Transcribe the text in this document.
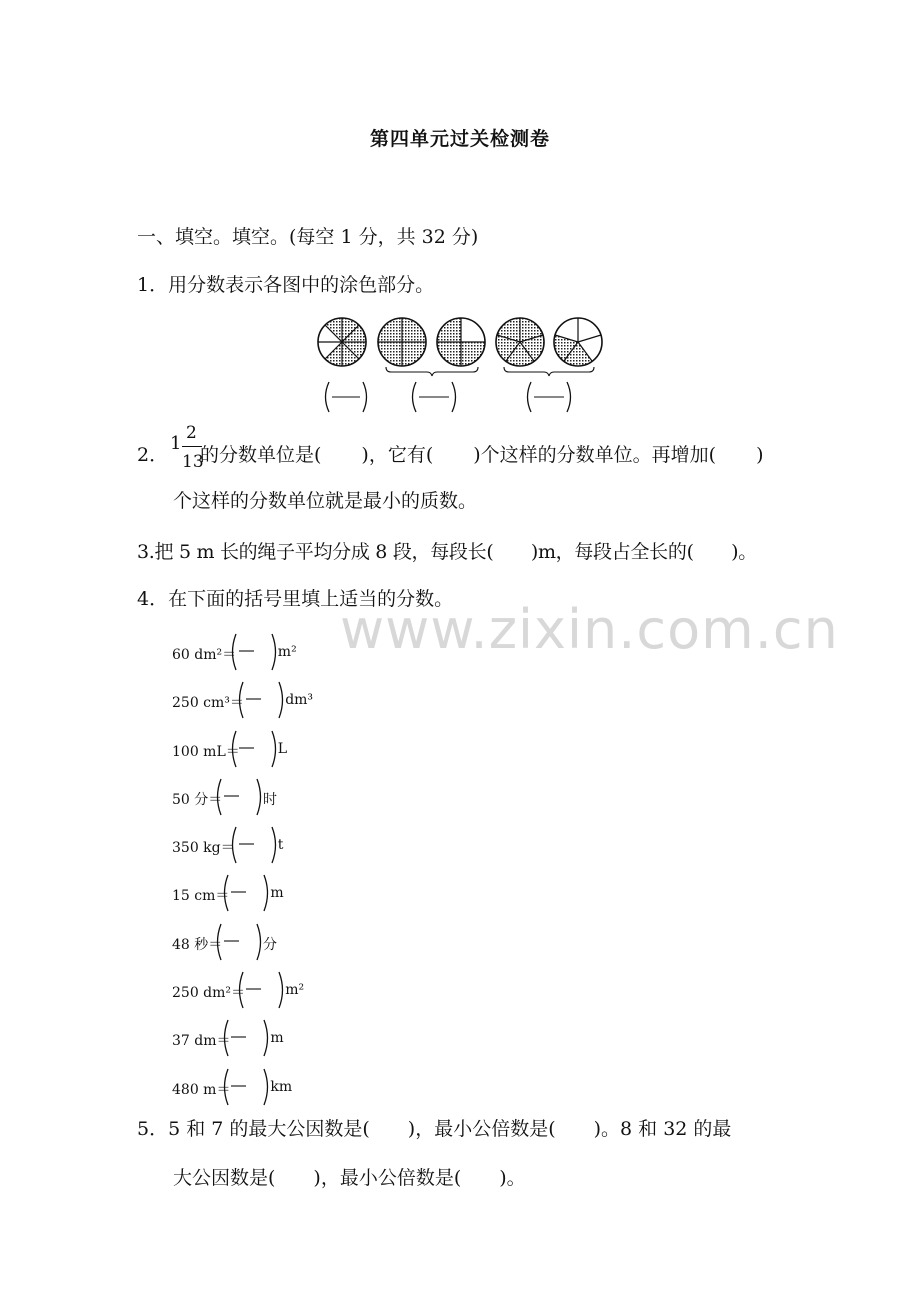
第四单元过关检测卷
一、填空。填空。(每空 1 分，共 32 分)
1．用分数表示各图中的涂色部分。
2．
1 2
13
的分数单位是( )，它有( )个这样的分数单位。再增加( )
个这样的分数单位就是最小的质数。
3.把 5 m 长的绳子平均分成 8 段，每段长(　　)m，每段占全长的(　　)。
4．在下面的括号里填上适当的分数。
www.zixin.com.cn
60 dm²＝	m²
250 cm³＝	dm³
100 mL＝	L
50 分＝	时
350 kg＝	t
15 cm＝	m
48 秒＝	分
250 dm²＝	m²
37 dm＝	m
480 m＝	km
5．5 和 7 的最大公因数是(　　)，最小公倍数是(　　)。8 和 32 的最
大公因数是(　　)，最小公倍数是(　　)。
